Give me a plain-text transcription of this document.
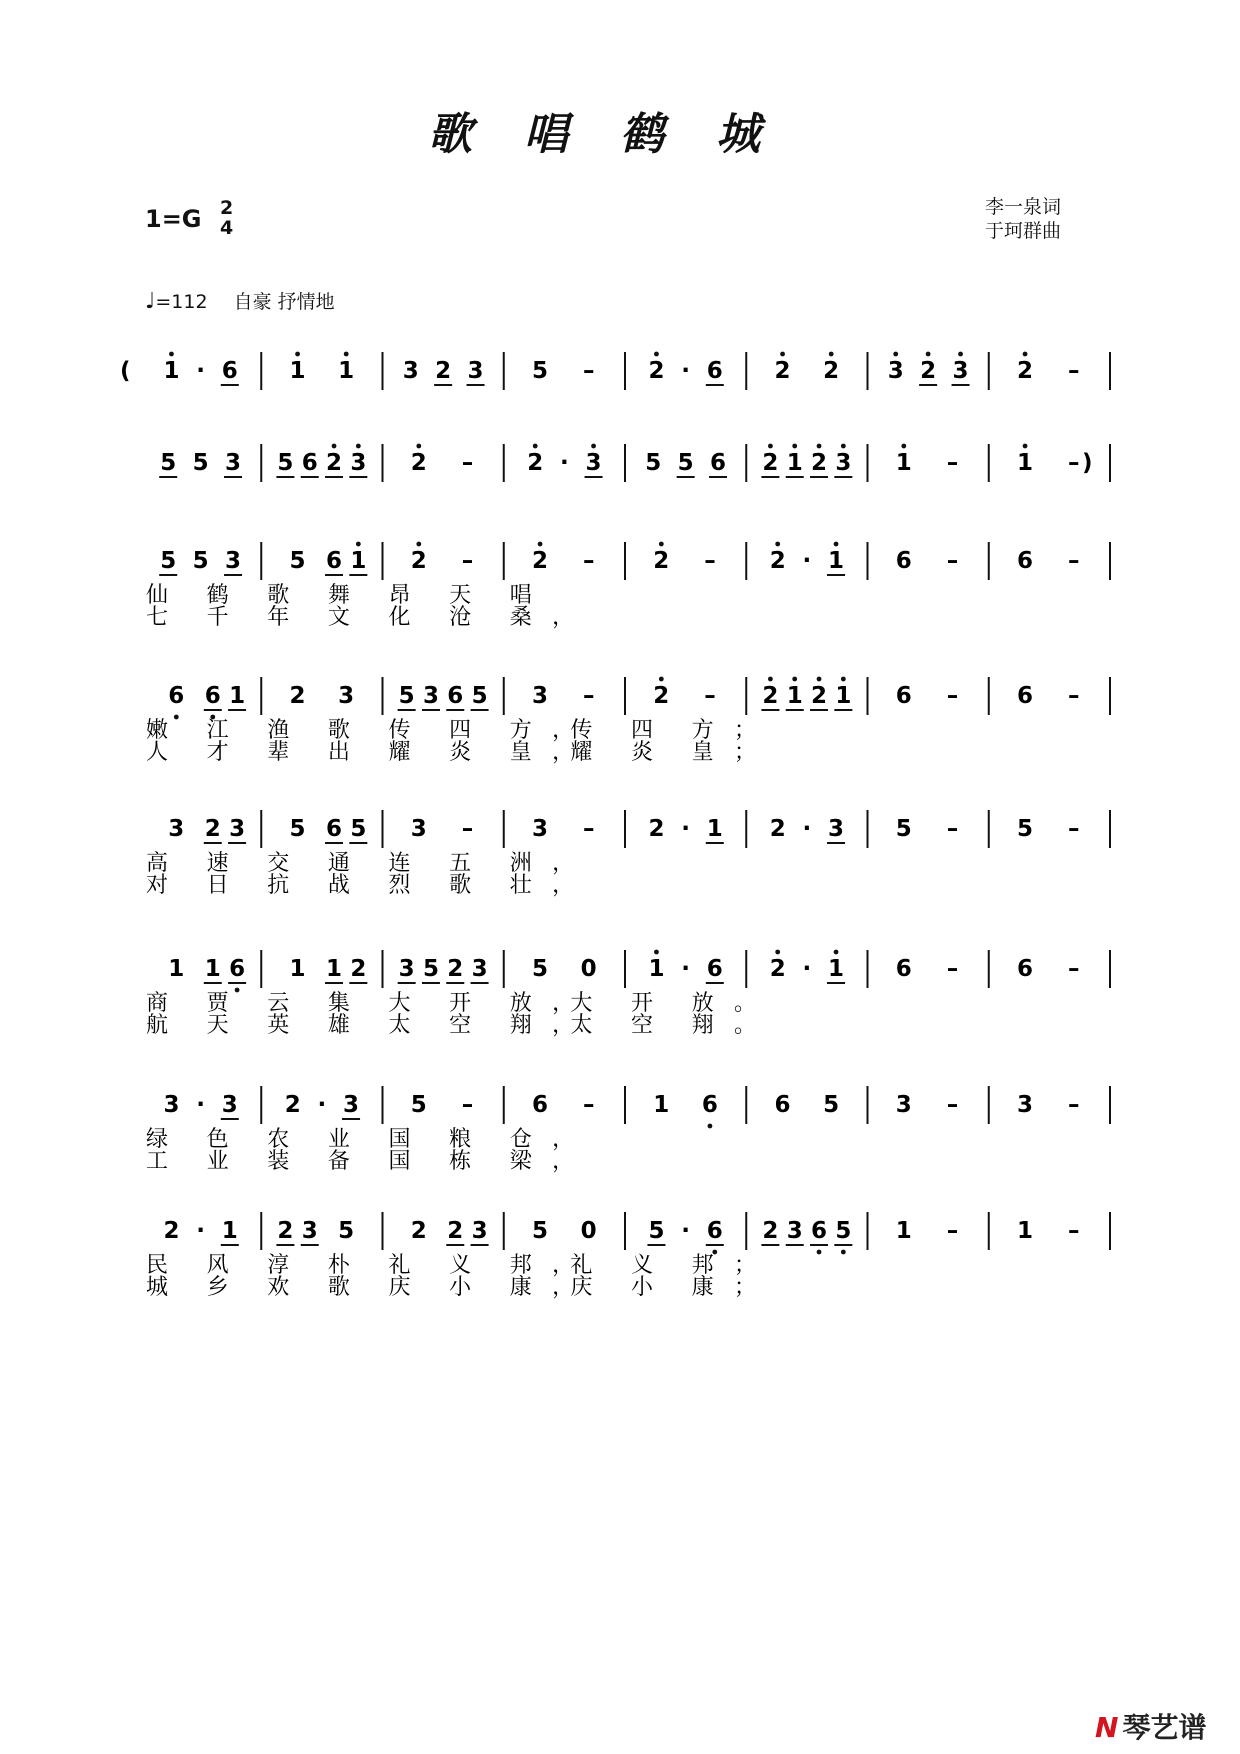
歌唱鹤城
1=G 2
4
李一泉词
于珂群曲
♩=112 自豪 抒情地
( 1 · 6 1 1 3 2 3 5 – 2 · 6 2 2 3 2 3 2 –
)
5 5 3 5 6 2 3 2 – 2 · 3 5 5 6 2 1 2 3 1 –	1 –
5 5 3 5 6 1 2 –	2 –	2 – 2 · 1 6 –	6 –
仙 鹤 歌 舞 昂 天 唱
七 千 年 文 化 沧 桑 ，
6 6 1 2 3 5 3 6 5 3 –	2 – 2 1 2 1 6 –	6 –
嫩 江 渔 歌 传 四 方 ，
传 四 方 ；
人 才 辈 出 耀 炎 皇 ，
耀 炎 皇 ；
3 2 3 5 6 5 3 –	3 – 2 · 1 2 · 3 5 –	5 –
高 速 交 通 连 五 洲 ，
对 日 抗 战 烈 歌 壮 ，
1 1 6 1 1 2 3 5 2 3 5 0 1 · 6 2 · 1 6 –	6 –
商 贾 云 集 大 开 放 ，
大 开 放 。
航 天 英 雄 太 空 翔 ，
太 空 翔 。
3 · 3 2 · 3 5 –	6 –	1 6 6 5 3 –	3 –
绿 色 农 业 国 粮 仓 ，
工 业 装 备 国 栋 梁 ，
2 · 1 2 3 5 2 2 3 5 0 5 · 6 2 3 6 5 1 –	1 –
民 风 淳 朴 礼 义 邦 ，
礼 义 邦 ；
城 乡 欢 歌 庆 小 康 ，
庆 小 康 ；
N 琴艺谱
